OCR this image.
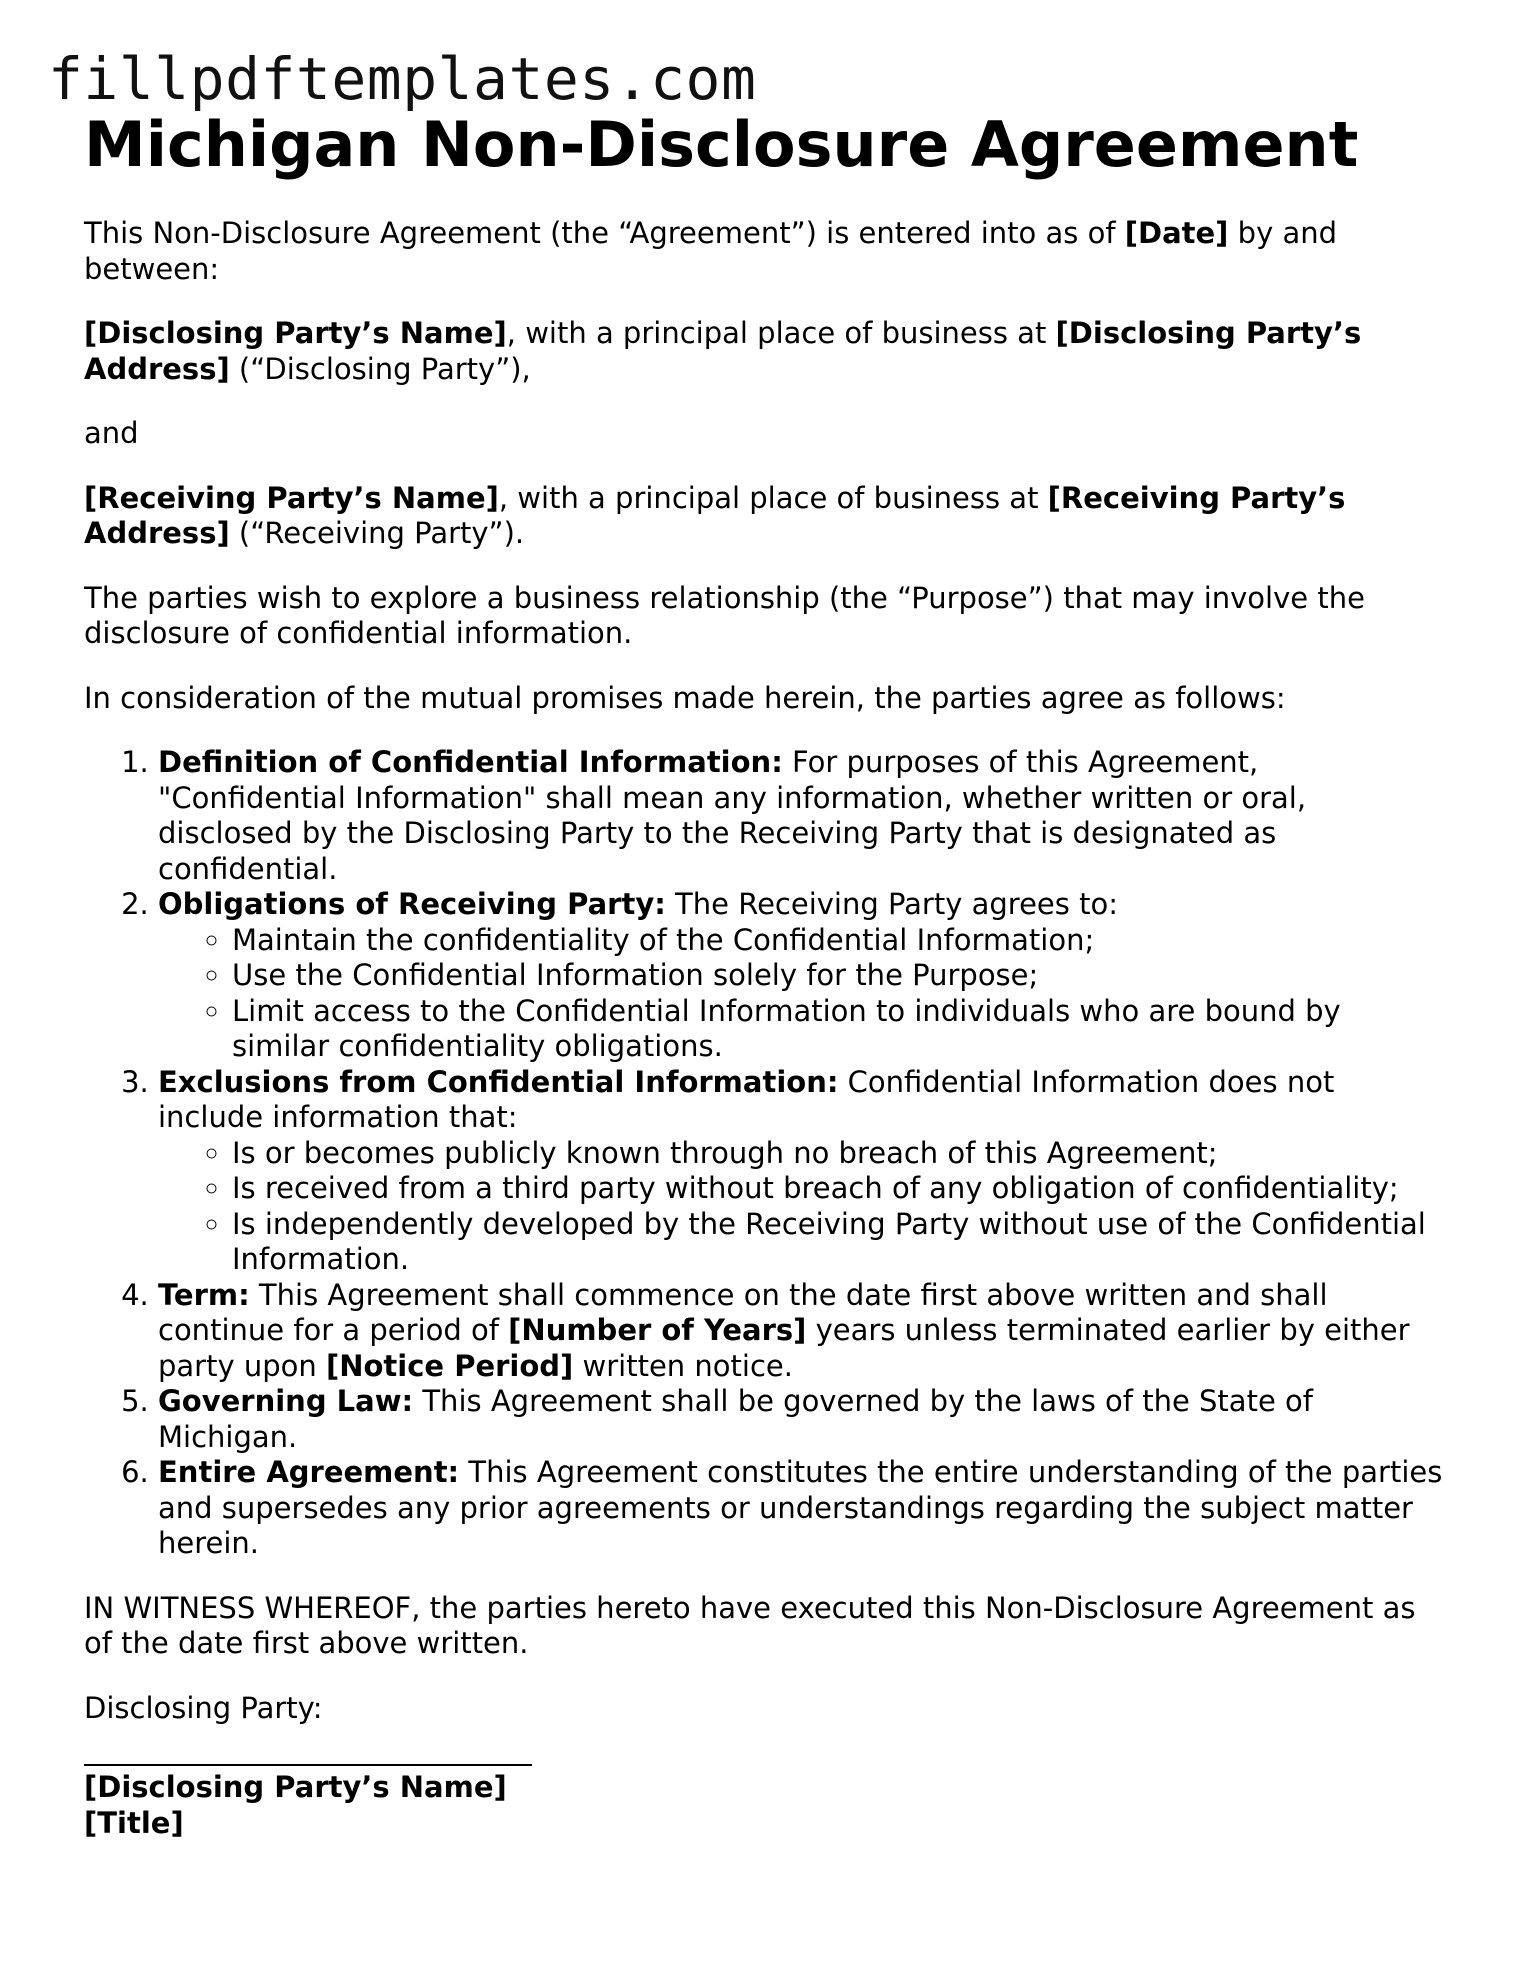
fillpdftemplates.com
Michigan Non-Disclosure Agreement

This Non-Disclosure Agreement (the “Agreement”) is entered into as of [Date] by and between:

[Disclosing Party’s Name], with a principal place of business at [Disclosing Party’s Address] (“Disclosing Party”),

and

[Receiving Party’s Name], with a principal place of business at [Receiving Party’s Address] (“Receiving Party”).

The parties wish to explore a business relationship (the “Purpose”) that may involve the disclosure of confidential information.

In consideration of the mutual promises made herein, the parties agree as follows:

1. Definition of Confidential Information: For purposes of this Agreement, "Confidential Information" shall mean any information, whether written or oral, disclosed by the Disclosing Party to the Receiving Party that is designated as confidential.
2. Obligations of Receiving Party: The Receiving Party agrees to:
◦ Maintain the confidentiality of the Confidential Information;
◦ Use the Confidential Information solely for the Purpose;
◦ Limit access to the Confidential Information to individuals who are bound by similar confidentiality obligations.
3. Exclusions from Confidential Information: Confidential Information does not include information that:
◦ Is or becomes publicly known through no breach of this Agreement;
◦ Is received from a third party without breach of any obligation of confidentiality;
◦ Is independently developed by the Receiving Party without use of the Confidential Information.
4. Term: This Agreement shall commence on the date first above written and shall continue for a period of [Number of Years] years unless terminated earlier by either party upon [Notice Period] written notice.
5. Governing Law: This Agreement shall be governed by the laws of the State of Michigan.
6. Entire Agreement: This Agreement constitutes the entire understanding of the parties and supersedes any prior agreements or understandings regarding the subject matter herein.

IN WITNESS WHEREOF, the parties hereto have executed this Non-Disclosure Agreement as of the date first above written.

Disclosing Party:

[Disclosing Party’s Name]
[Title]
